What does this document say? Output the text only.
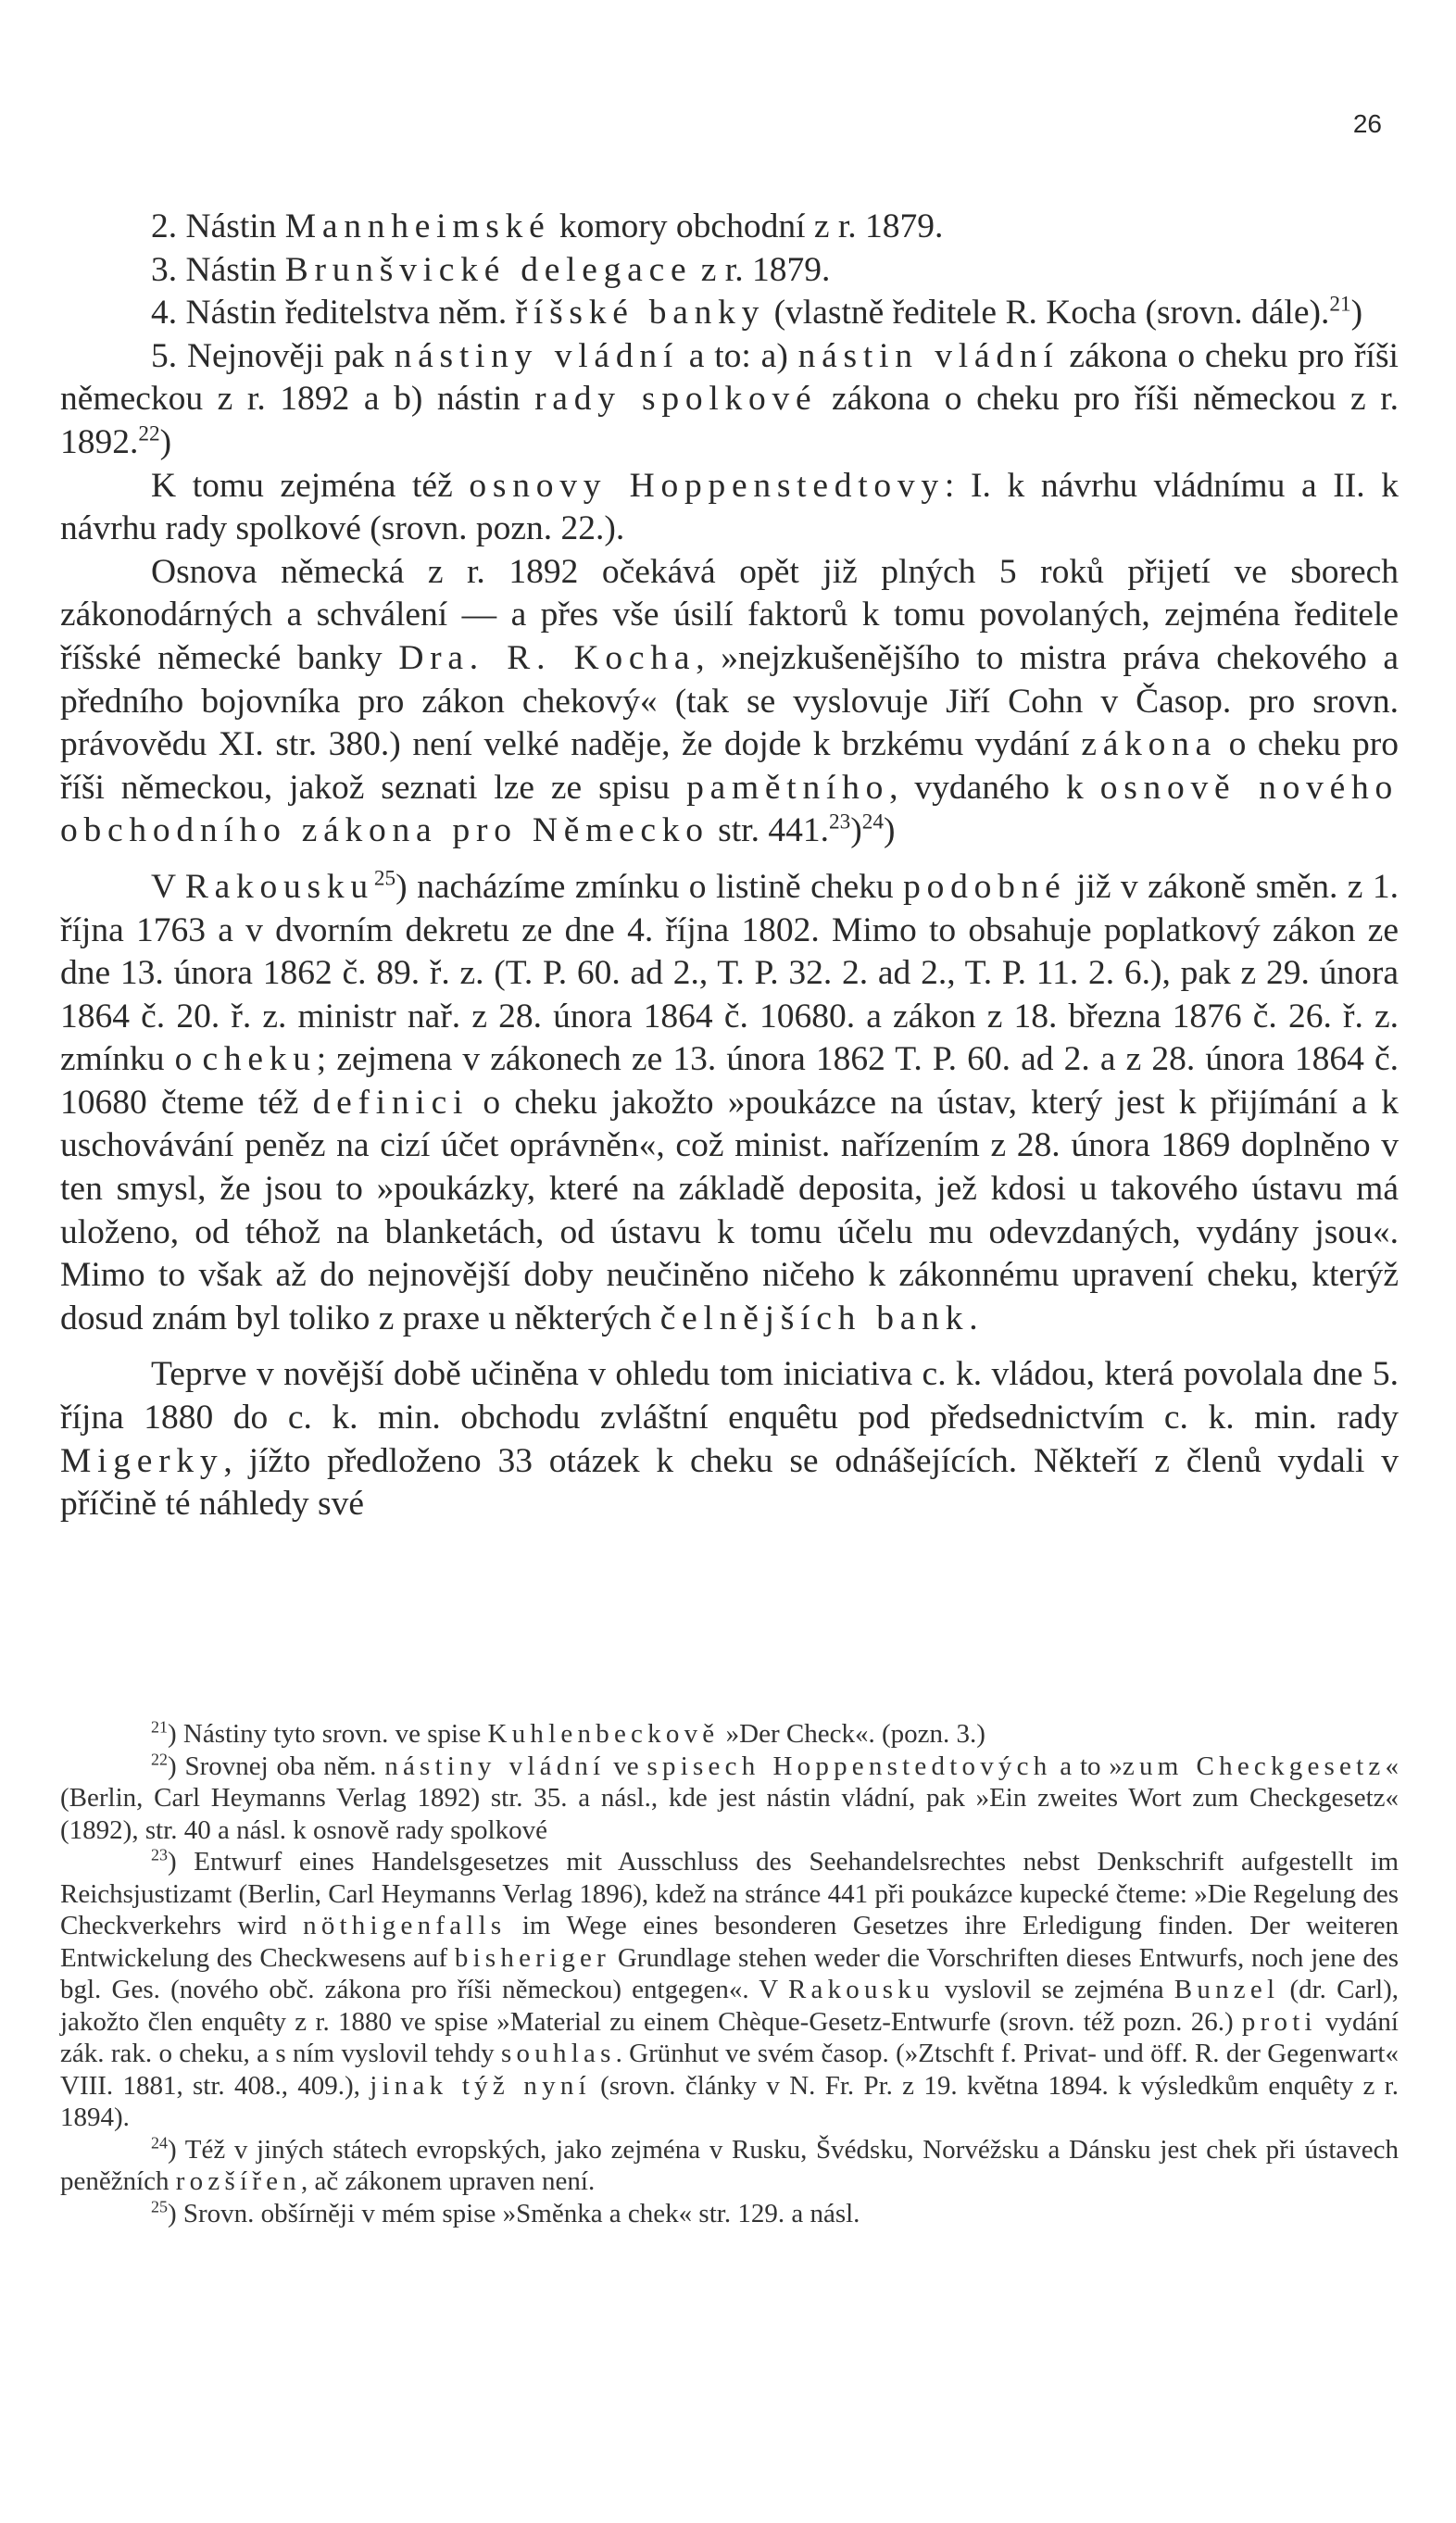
26

2. Nástin Mannheimské komory obchodní z r. 1879.

3. Nástin Brunšvické delegace z r. 1879.

4. Nástin ředitelstva něm. říšské banky (vlastně ředitele R. Kocha (srovn. dále).$^{21}$)

5. Nejnověji pak nástiny vládní a to: a) nástin vládní zákona o cheku pro říši německou z r. 1892 a b) nástin rady spolkové zákona o cheku pro říši německou z r. 1892.22)

K tomu zejména též osnovy Hoppenstedtovy: I. k návrhu vládnímu a II. k návrhu rady spolkové (srovn. pozn. 22.).

Osnova německá z r. 1892 očekává opět již plných 5 roků přijetí ve sborech zákonodárných a schválení — a přes vše úsilí faktorů k tomu povolaných, zejména ředitele říšské německé banky Dra. R. Kocha, »nejzkušenějšího to mistra práva chekového a předního bojovníka pro zákon chekový« (tak se vyslovuje Jiří Cohn v Časop. pro srovn. právovědu XI. str. 380.) není velké naděje, že dojde k brzkému vydání zákona o cheku pro říši německou, jakož seznati lze ze spisu pamětního, vydaného k osnově nového obchodního zákona pro Německo str. 441.23)$^{24}$)

V Rakousku$^{25}$) nacházíme zmínku o listině cheku podobné již v zákoně směn. z 1. října 1763 a v dvorním dekretu ze dne 4. října 1802. Mimo to obsahuje poplatkový zákon ze dne 13. února 1862 č. 89. ř. z. (T. P. 60. ad 2., T. P. 32. 2. ad 2., T. P. 11. 2. 6.), pak z 29. února 1864 č. 20. ř. z. ministr nař. z 28. února 1864 č. 10680. a zákon z 18. března 1876 č. 26. ř. z. zmínku o cheku; zejmena v zákonech ze 13. února 1862 T. P. 60. ad 2. a z 28. února 1864 č. 10680 čteme též definici o cheku jakožto »poukázce na ústav, který jest k přijímání a k uschovávání peněz na cizí účet oprávněn«, což minist. nařízením z 28. února 1869 doplněno v ten smysl, že jsou to »poukázky, které na základě deposita, jež kdosi u takového ústavu má uloženo, od téhož na blanketách, od ústavu k tomu účelu mu odevzdaných, vydány jsou«. Mimo to však až do nejnovější doby neučiněno ničeho k zákonnému upravení cheku, kterýž dosud znám byl toliko z praxe u některých čelnějších bank.

Teprve v novější době učiněna v ohledu tom iniciativa c. k. vládou, která povolala dne 5. října 1880 do c. k. min. obchodu zvláštní enquêtu pod předsednictvím c. k. min. rady Migerky, jížto předloženo 33 otázek k cheku se odnášejících. Někteří z členů vydali v příčině té náhledy své

$^{21}$) Nástiny tyto srovn. ve spise Kuhlenbeckově »Der Check«. (pozn. 3.)

$^{22}$) Srovnej oba něm. nástiny vládní ve spisech Hoppenstedtových a to »zum Checkgesetz« (Berlin, Carl Heymanns Verlag 1892) str. 35. a násl., kde jest nástin vládní, pak »Ein zweites Wort zum Checkgesetz« (1892), str. 40 a násl. k osnově rady spolkové

$^{23}$) Entwurf eines Handelsgesetzes mit Ausschluss des Seehandelsrechtes nebst Denkschrift aufgestellt im Reichsjustizamt (Berlin, Carl Heymanns Verlag 1896), kdež na stránce 441 při poukázce kupecké čteme: »Die Regelung des Checkverkehrs wird nöthigenfalls im Wege eines besonderen Gesetzes ihre Erledigung finden. Der weiteren Entwickelung des Checkwesens auf bisheriger Grundlage stehen weder die Vorschriften dieses Entwurfs, noch jene des bgl. Ges. (nového obč. zákona pro říši německou) entgegen«. V Rakousku vyslovil se zejména Bunzel (dr. Carl), jakožto člen enquêty z r. 1880 ve spise »Material zu einem Chèque-Gesetz-Entwurfe (srovn. též pozn. 26.) proti vydání zák. rak. o cheku, a s ním vyslovil tehdy souhlas. Grünhut ve svém časop. (»Ztschft f. Privat- und öff. R. der Gegenwart« VIII. 1881, str. 408., 409.), jinak týž nyní (srovn. články v N. Fr. Pr. z 19. května 1894. k výsledkům enquêty z r. 1894).

$^{24}$) Též v jiných státech evropských, jako zejména v Rusku, Švédsku, Norvéžsku a Dánsku jest chek při ústavech peněžních rozšířen, ač zákonem upraven není.

$^{25}$) Srovn. obšírněji v mém spise »Směnka a chek« str. 129. a násl.
